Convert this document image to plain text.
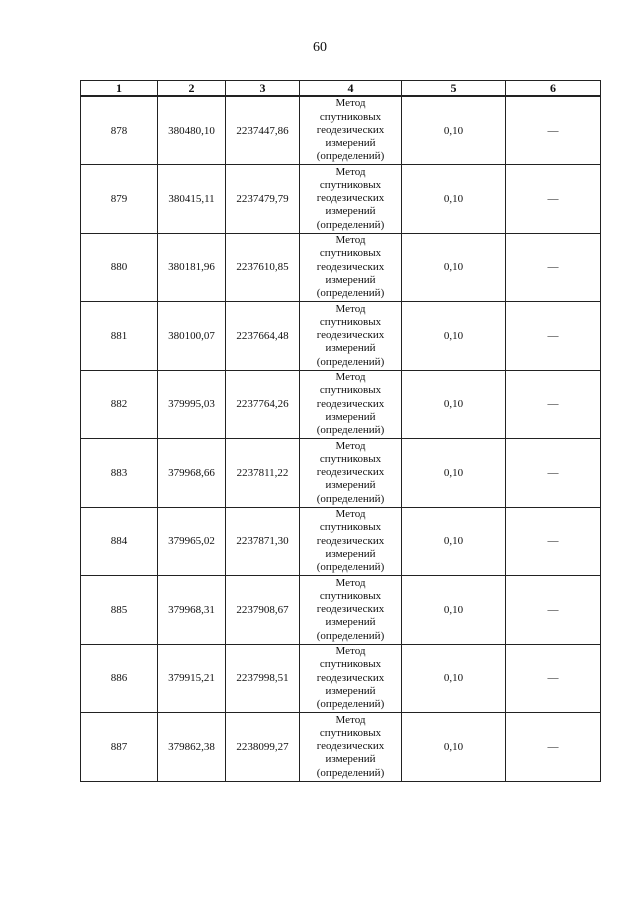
60
1	2	3	4	5	6
878	380480,10	2237447,86	Метод
спутниковых
геодезических
измерений
(определений)	0,10	—
879	380415,11	2237479,79	Метод
спутниковых
геодезических
измерений
(определений)	0,10	—
880	380181,96	2237610,85	Метод
спутниковых
геодезических
измерений
(определений)	0,10	—
881	380100,07	2237664,48	Метод
спутниковых
геодезических
измерений
(определений)	0,10	—
882	379995,03	2237764,26	Метод
спутниковых
геодезических
измерений
(определений)	0,10	—
883	379968,66	2237811,22	Метод
спутниковых
геодезических
измерений
(определений)	0,10	—
884	379965,02	2237871,30	Метод
спутниковых
геодезических
измерений
(определений)	0,10	—
885	379968,31	2237908,67	Метод
спутниковых
геодезических
измерений
(определений)	0,10	—
886	379915,21	2237998,51	Метод
спутниковых
геодезических
измерений
(определений)	0,10	—
887	379862,38	2238099,27	Метод
спутниковых
геодезических
измерений
(определений)	0,10	—
